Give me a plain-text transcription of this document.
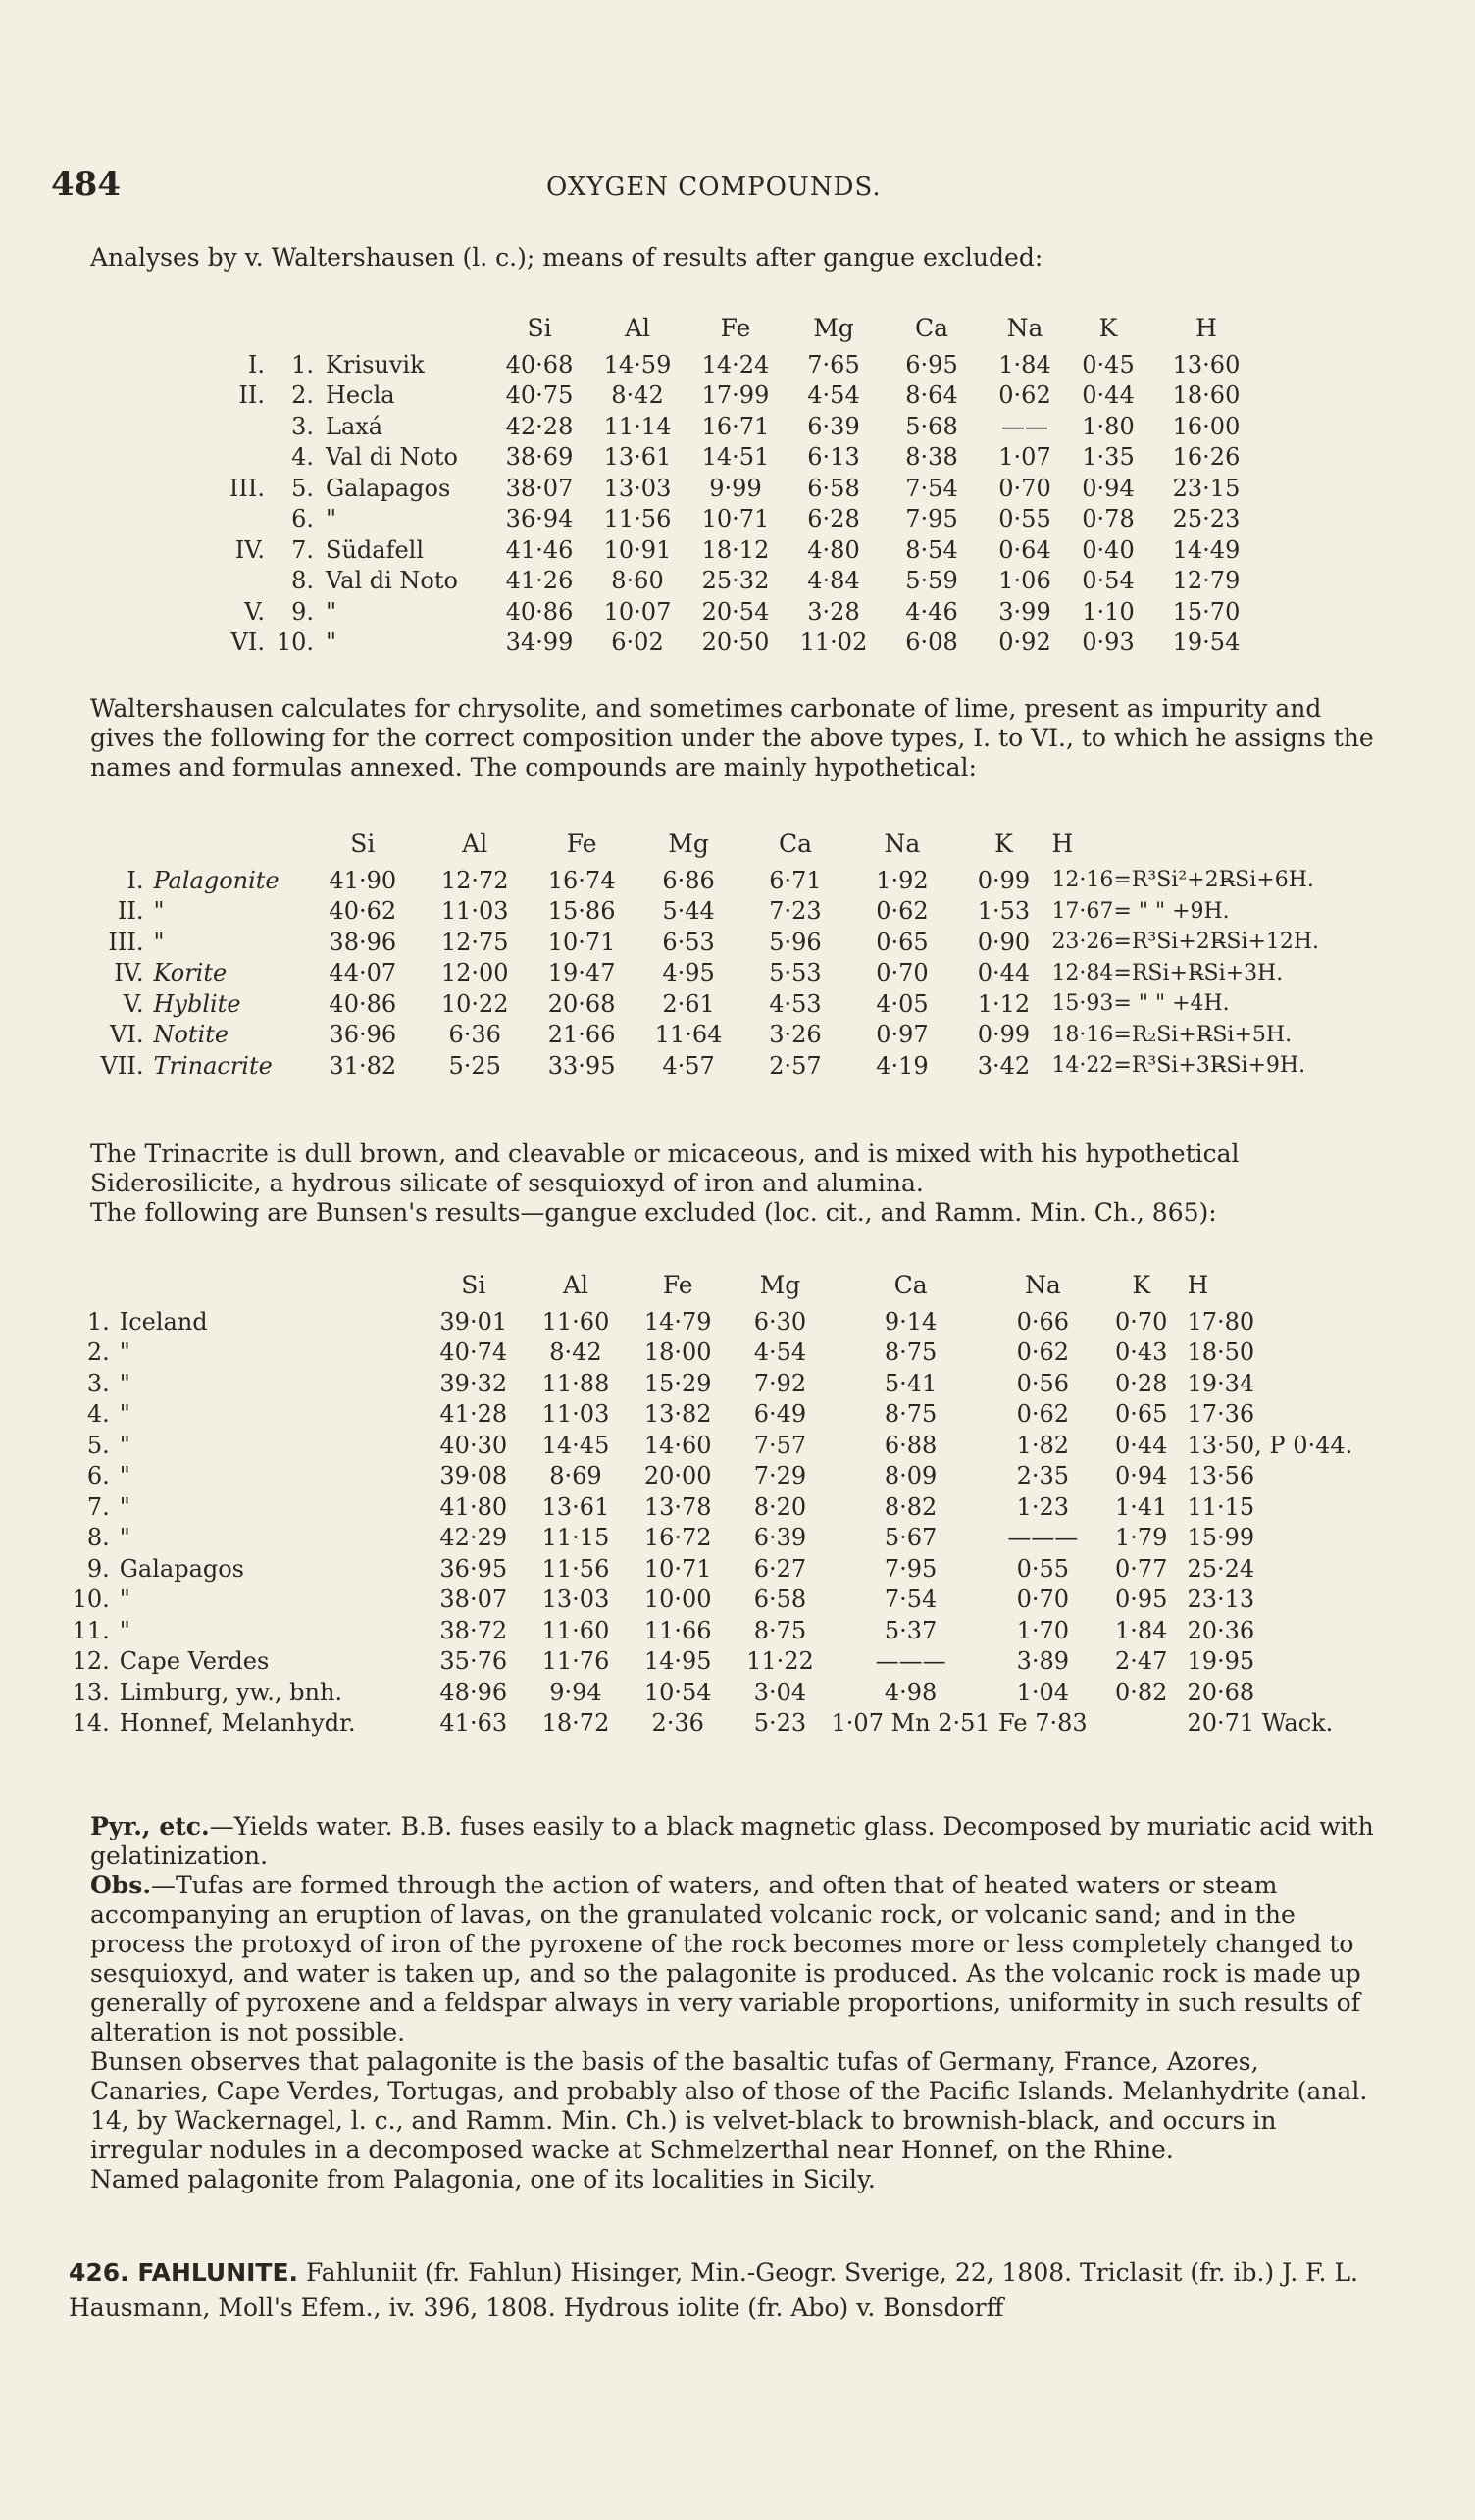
484	OXYGEN COMPOUNDS.

Analyses by v. Waltershausen (l. c.); means of results after gangue excluded:

			Si	Al	Fe	Mg	Ca	Na	K	H
I.	1.	Krisuvik	40·68	14·59	14·24	7·65	6·95	1·84	0·45	13·60
II.	2.	Hecla	40·75	8·42	17·99	4·54	8·64	0·62	0·44	18·60
	3.	Laxá	42·28	11·14	16·71	6·39	5·68	——	1·80	16·00
	4.	Val di Noto	38·69	13·61	14·51	6·13	8·38	1·07	1·35	16·26
III.	5.	Galapagos	38·07	13·03	9·99	6·58	7·54	0·70	0·94	23·15
	6.	"	36·94	11·56	10·71	6·28	7·95	0·55	0·78	25·23
IV.	7.	Südafell	41·46	10·91	18·12	4·80	8·54	0·64	0·40	14·49
	8.	Val di Noto	41·26	8·60	25·32	4·84	5·59	1·06	0·54	12·79
V.	9.	"	40·86	10·07	20·54	3·28	4·46	3·99	1·10	15·70
VI.	10.	"	34·99	6·02	20·50	11·02	6·08	0·92	0·93	19·54

Waltershausen calculates for chrysolite, and sometimes carbonate of lime, present as impurity and gives the following for the correct composition under the above types, I. to VI., to which he assigns the names and formulas annexed. The compounds are mainly hypothetical:

		Si	Al	Fe	Mg	Ca	Na	K	H
I.	Palagonite	41·90	12·72	16·74	6·86	6·71	1·92	0·99	12·16=R³Si²+2R̶Si+6H.
II.	"	40·62	11·03	15·86	5·44	7·23	0·62	1·53	17·67= " " +9H.
III.	"	38·96	12·75	10·71	6·53	5·96	0·65	0·90	23·26=R³Si+2R̶Si+12H.
IV.	Korite	44·07	12·00	19·47	4·95	5·53	0·70	0·44	12·84=RSi+R̶Si+3H.
V.	Hyblite	40·86	10·22	20·68	2·61	4·53	4·05	1·12	15·93= " " +4H.
VI.	Notite	36·96	6·36	21·66	11·64	3·26	0·97	0·99	18·16=R₂Si+R̶Si+5H.
VII.	Trinacrite	31·82	5·25	33·95	4·57	2·57	4·19	3·42	14·22=R³Si+3R̶Si+9H.

The Trinacrite is dull brown, and cleavable or micaceous, and is mixed with his hypothetical Siderosilicite, a hydrous silicate of sesquioxyd of iron and alumina.

The following are Bunsen's results—gangue excluded (loc. cit., and Ramm. Min. Ch., 865):

		Si	Al	Fe	Mg	Ca	Na	K	H
1.	Iceland	39·01	11·60	14·79	6·30	9·14	0·66	0·70	17·80
2.	"	40·74	8·42	18·00	4·54	8·75	0·62	0·43	18·50
3.	"	39·32	11·88	15·29	7·92	5·41	0·56	0·28	19·34
4.	"	41·28	11·03	13·82	6·49	8·75	0·62	0·65	17·36
5.	"	40·30	14·45	14·60	7·57	6·88	1·82	0·44	13·50, P 0·44.
6.	"	39·08	8·69	20·00	7·29	8·09	2·35	0·94	13·56
7.	"	41·80	13·61	13·78	8·20	8·82	1·23	1·41	11·15
8.	"	42·29	11·15	16·72	6·39	5·67	———	1·79	15·99
9.	Galapagos	36·95	11·56	10·71	6·27	7·95	0·55	0·77	25·24
10.	"	38·07	13·03	10·00	6·58	7·54	0·70	0·95	23·13
11.	"	38·72	11·60	11·66	8·75	5·37	1·70	1·84	20·36
12.	Cape Verdes	35·76	11·76	14·95	11·22	———	3·89	2·47	19·95
13.	Limburg, yw., bnh.	48·96	9·94	10·54	3·04	4·98	1·04	0·82	20·68
14.	Honnef, Melanhydr.	41·63	18·72	2·36	5·23	1·07 Mn 2·51	Fe 7·83		20·71 Wack.

Pyr., etc.—Yields water. B.B. fuses easily to a black magnetic glass. Decomposed by muriatic acid with gelatinization.

Obs.—Tufas are formed through the action of waters, and often that of heated waters or steam accompanying an eruption of lavas, on the granulated volcanic rock, or volcanic sand; and in the process the protoxyd of iron of the pyroxene of the rock becomes more or less completely changed to sesquioxyd, and water is taken up, and so the palagonite is produced. As the volcanic rock is made up generally of pyroxene and a feldspar always in very variable proportions, uniformity in such results of alteration is not possible.

Bunsen observes that palagonite is the basis of the basaltic tufas of Germany, France, Azores, Canaries, Cape Verdes, Tortugas, and probably also of those of the Pacific Islands. Melanhydrite (anal. 14, by Wackernagel, l. c., and Ramm. Min. Ch.) is velvet-black to brownish-black, and occurs in irregular nodules in a decomposed wacke at Schmelzerthal near Honnef, on the Rhine.

Named palagonite from Palagonia, one of its localities in Sicily.

426. FAHLUNITE. Fahluniit (fr. Fahlun) Hisinger, Min.-Geogr. Sverige, 22, 1808. Triclasit (fr. ib.) J. F. L. Hausmann, Moll's Efem., iv. 396, 1808. Hydrous iolite (fr. Abo) v. Bonsdorff
